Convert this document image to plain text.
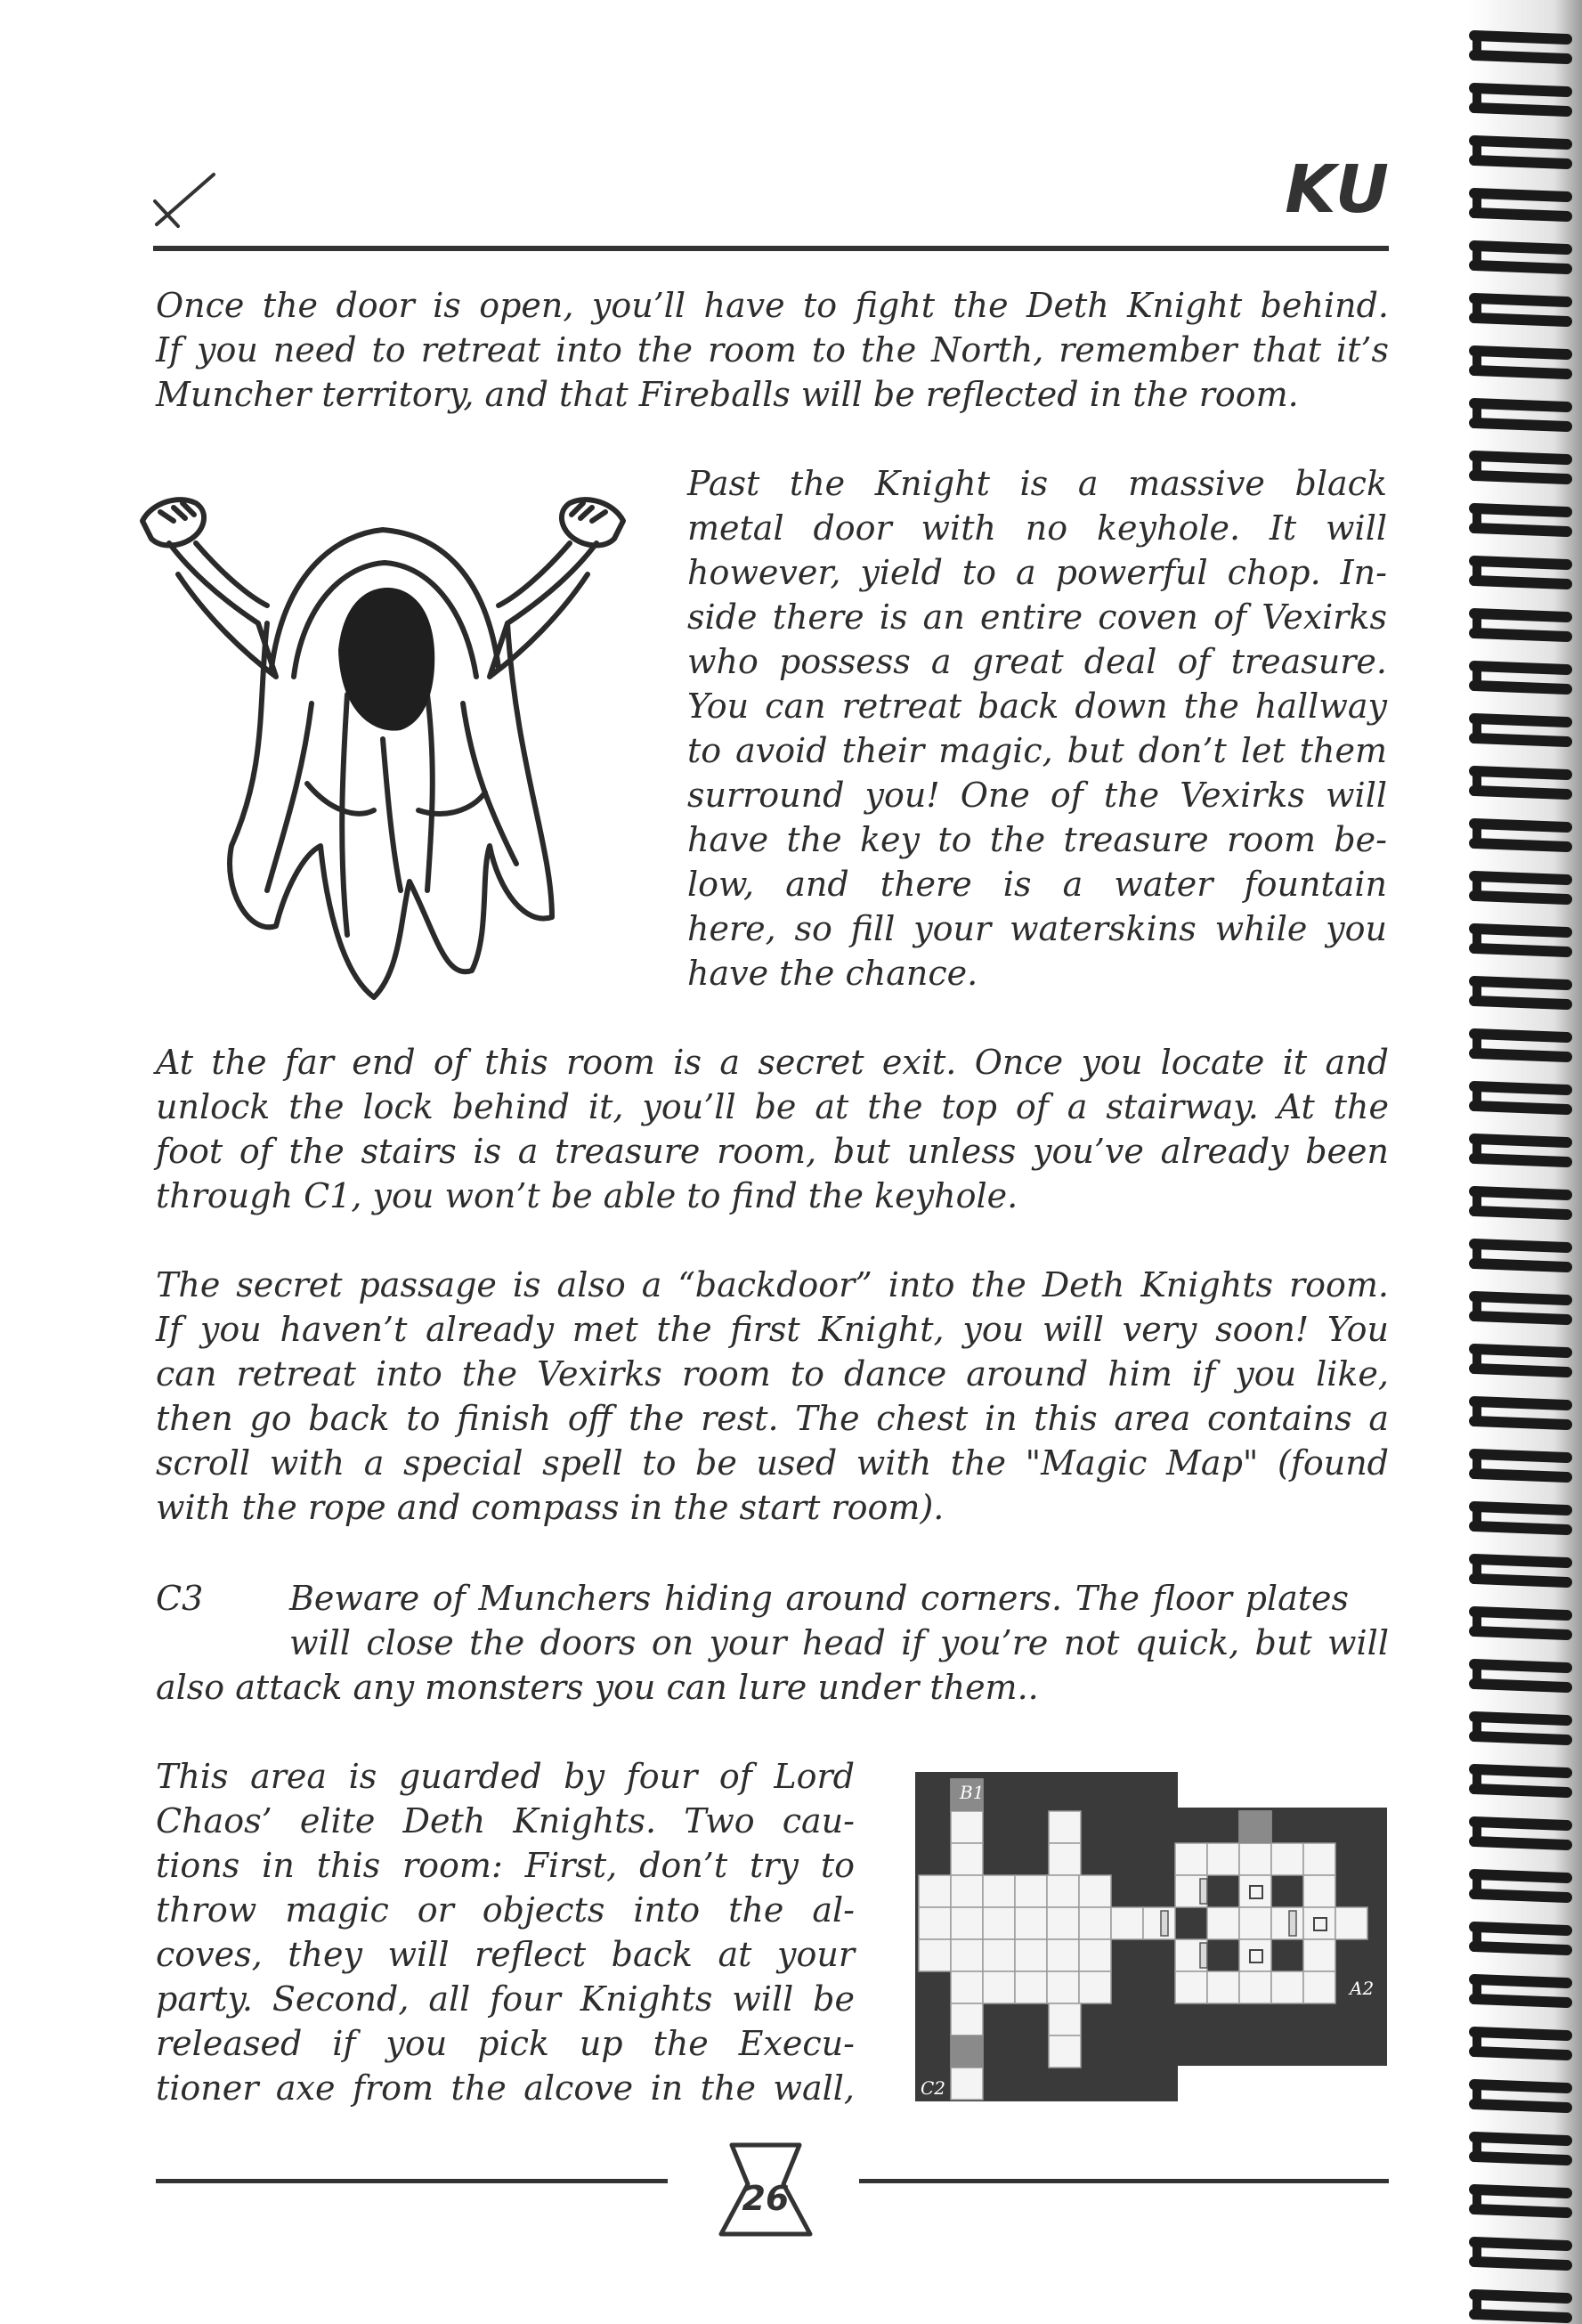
KU
Once the door is open, you’ll have to fight the Deth Knight behind.
If you need to retreat into the room to the North, remember that it’s
Muncher territory, and that Fireballs will be reflected in the room.
Past the Knight is a massive black
metal door with no keyhole. It will
however, yield to a powerful chop. In-
side there is an entire coven of Vexirks
who possess a great deal of treasure.
You can retreat back down the hallway
to avoid their magic, but don’t let them
surround you! One of the Vexirks will
have the key to the treasure room be-
low, and there is a water fountain
here, so fill your waterskins while you
have the chance.
At the far end of this room is a secret exit. Once you locate it and
unlock the lock behind it, you’ll be at the top of a stairway. At the
foot of the stairs is a treasure room, but unless you’ve already been
through C1, you won’t be able to find the keyhole.
The secret passage is also a “backdoor” into the Deth Knights room.
If you haven’t already met the first Knight, you will very soon! You
can retreat into the Vexirks room to dance around him if you like,
then go back to finish off the rest. The chest in this area contains a
scroll with a special spell to be used with the "Magic Map" (found
with the rope and compass in the start room).
C3	Beware of Munchers hiding around corners. The floor plates
will close the doors on your head if you’re not quick, but will
also attack any monsters you can lure under them..
This area is guarded by four of Lord
Chaos’ elite Deth Knights. Two cau-
tions in this room: First, don’t try to
throw magic or objects into the al-
coves, they will reflect back at your
party. Second, all four Knights will be
released if you pick up the Execu-
tioner axe from the alcove in the wall,
B1	B1
A2
C2
26
